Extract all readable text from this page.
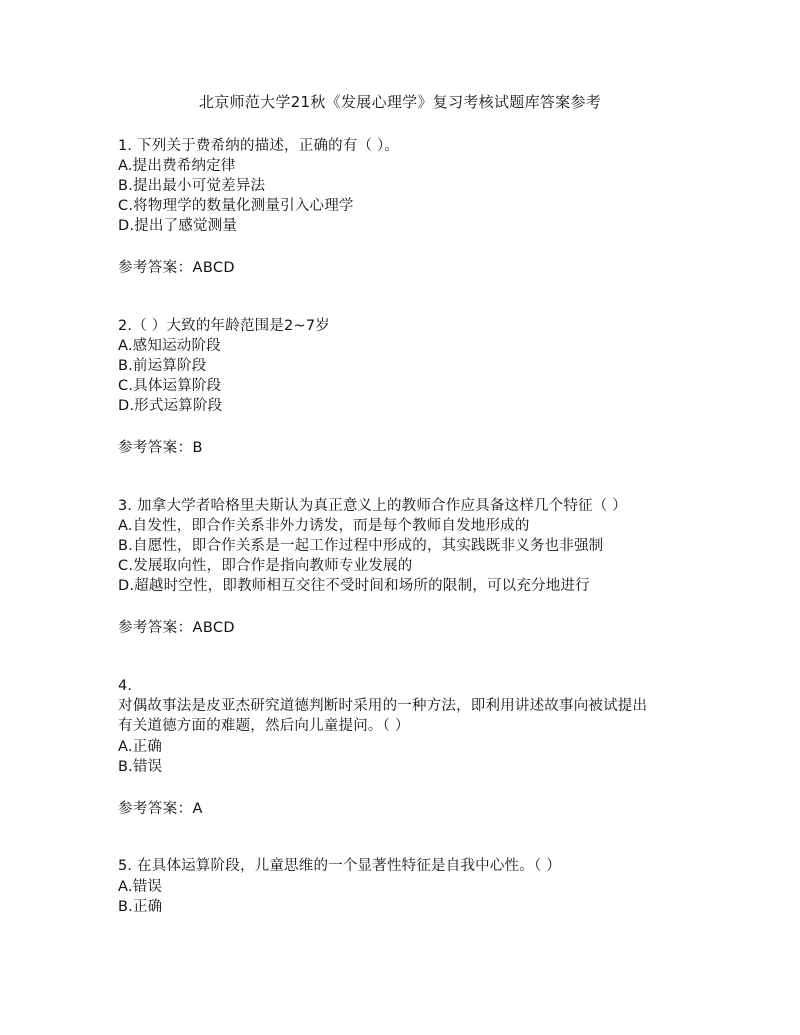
北京师范大学21秋《发展心理学》复习考核试题库答案参考
1. 下列关于费希纳的描述，正确的有（ ）。
A.提出费希纳定律
B.提出最小可觉差异法
C.将物理学的数量化测量引入心理学
D.提出了感觉测量
参考答案：ABCD
2.（ ）大致的年龄范围是2~7岁
A.感知运动阶段
B.前运算阶段
C.具体运算阶段
D.形式运算阶段
参考答案：B
3. 加拿大学者哈格里夫斯认为真正意义上的教师合作应具备这样几个特征（ ）
A.自发性，即合作关系非外力诱发，而是每个教师自发地形成的
B.自愿性，即合作关系是一起工作过程中形成的，其实践既非义务也非强制
C.发展取向性，即合作是指向教师专业发展的
D.超越时空性，即教师相互交往不受时间和场所的限制，可以充分地进行
参考答案：ABCD
4.
对偶故事法是皮亚杰研究道德判断时采用的一种方法，即利用讲述故事向被试提出
有关道德方面的难题，然后向儿童提问。（ ）
A.正确
B.错误
参考答案：A
5. 在具体运算阶段，儿童思维的一个显著性特征是自我中心性。（ ）
A.错误
B.正确
